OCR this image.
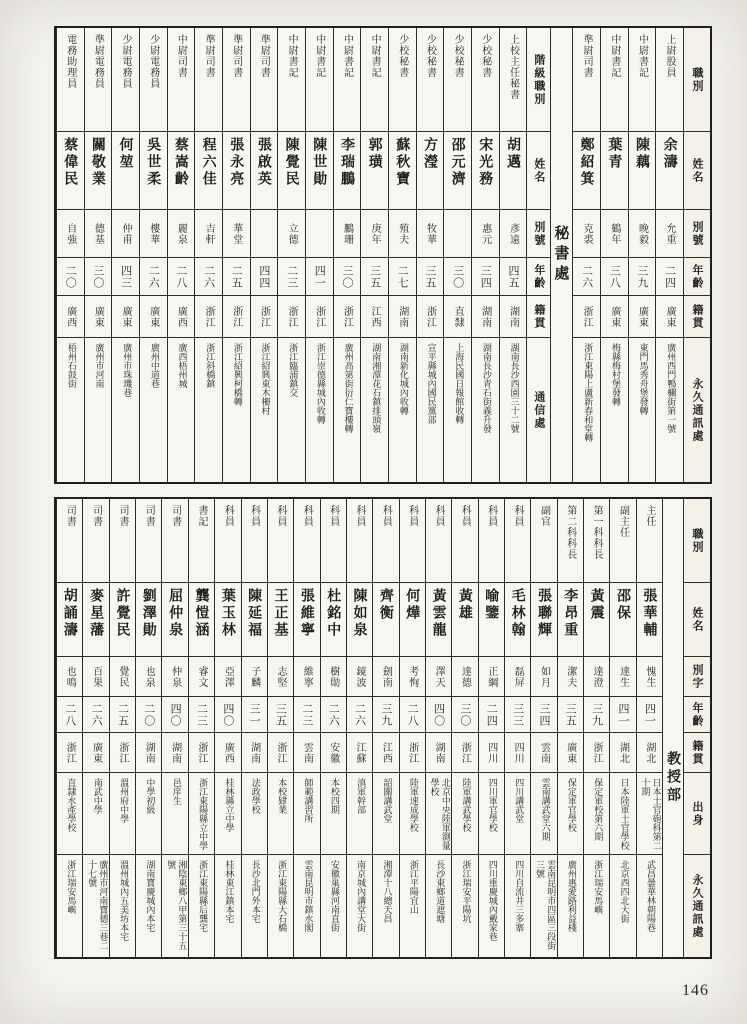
職別
姓名
別號
年齡
籍貫
永久通訊處
上尉股員
余濤
允重
二四
廣東
廣州西門鴨欄街第一號
中尉書記
陳藕
晚毅
三九
廣東
東門馬秀舟堡發轉
中尉書記
葉青
鶴年
三八
廣東
梅縣梅村堡發轉
準尉司書
鄭紹箕
克裘
二六
浙江
浙江東陽上盧新春和堂轉
階級職別
姓名
別號
年齡
籍貫
通信處
秘書處
上校主任秘書
胡邁
彥遠
四五
湖南
湖南長沙西園三十二號
少校秘書
宋光務
惠元
三四
湖南
湖南長沙青石街義升發
少校秘書
邵元濟
三〇
直隸
上海民國日報館收轉
少校秘書
方瀅
牧華
三五
浙江
宣平縣城內國民黨部
少校秘書
蘇秋寶
殖夫
二七
湖南
湖南新化城內收轉
中尉書記
郭璜
庚年
三五
江西
湖南湘潭花石鎮排頭嶺
中尉書記
李瑞鵬
鵬珊
三〇
浙江
廣州高第街衍仁寶樓轉
中尉書記
陳世勛
四一
浙江
浙江崇德縣城內收轉
中尉書記
陳覺民
立德
二三
浙江
浙江臨浦鎮交
準尉司書
張啟英
四四
浙江
浙江紹興東木柵村
準尉司書
張永亮
華堂
二五
浙江
浙江紹興柯橋轉
準尉司書
程六佳
吉軒
二六
浙江
浙江斜橋鎮
中尉司書
蔡嵩齡
麗泉
二八
廣西
廣西梧州城
少尉電務員
吳世柔
樓華
二六
廣東
廣州中道巷
少尉電務員
何堃
仲甫
四三
廣東
廣州市珠璣巷
準尉電務員
關敬業
德基
三〇
廣東
廣州市河南
電務助理員
蔡偉民
自強
二〇
廣西
梧州石鼓街
職別
姓名
別字
年齡
籍貫
出身
永久通訊處
教授部
主任
張華輔
愧生
四一
湖北
日本士官砲科第二十期
武昌曇華林朝陽巷
副主任
邵保
達生
四一
湖北
日本陸軍士官學校
北京西四北大街
第一科科長
黃震
達澄
三九
浙江
保定軍校第六期
浙江瑞安馬嶼
第二科科長
李昂重
潔夫
三五
廣東
保定軍官學校
廣州惠愛路利益棧
副官
張聯輝
如月
三四
雲南
雲南講武堂六期
雲南昆明市四區三段街三號
科員
毛林翰
磊屏
三三
四川
四川講武堂
四川自流井三多寨
科員
喻鑒
正綱
二四
四川
四川軍官學校
四川重慶城內戴家巷
科員
黃雄
達德
三〇
浙江
陸軍講武學校
浙江瑞安平陽坑
科員
黃雲龍
澤天
四〇
湖南
北京中央陸軍測量學校
長沙東鄉道遮塘
科員
何燁
考恂
二八
浙江
陸軍速成學校
浙江平陽宜山
科員
齊衡
劍南
三九
江西
韶關講武堂
湘潭十八總天昌
科員
陳如泉
鏡波
二六
江蘇
滇軍幹部
南京城內講堂大街
科員
杜銘中
樹勛
二六
安徽
本校四期
安徽巢縣河南直街
科員
張維寧
維寧
二三
雲南
師範講習所
雲南昆明市鎮水閣
科員
王正基
志堅
三五
浙江
本校肄業
浙江東陽縣大石橋
科員
陳延福
子麟
三一
湖南
法政學校
長沙北門外本宅
科員
葉玉林
亞澤
四〇
廣西
桂林縣立中學
桂林東江鎮本宅
書記
龔愷涵
睿文
二三
浙江
浙江東陽縣立中學
浙江東陽縣后龔宅
司書
屈仲泉
仲泉
四〇
湖南
邑庠生
湘陰東鄉八甲第三十五號
司書
劉澤勛
也泉
二〇
湖南
中學初級
湖南寶慶城內本宅
司書
許覺民
覺民
二五
浙江
溫州府中學
溫州城內五美坊本宅
司書
麥星藩
百果
二六
廣東
南武中學
廣州市河南寶德三巷二十七號
司書
胡誦濤
也鳴
二八
浙江
直隸水產學校
浙江瑞安馬嶼
146
